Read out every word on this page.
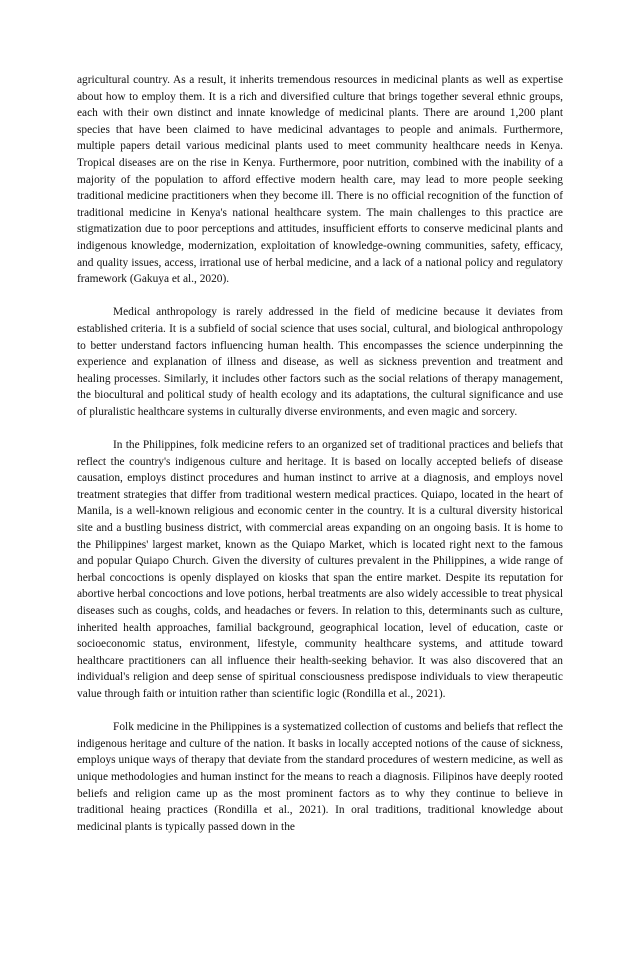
agricultural country. As a result, it inherits tremendous resources in medicinal plants as well as expertise about how to employ them. It is a rich and diversified culture that brings together several ethnic groups, each with their own distinct and innate knowledge of medicinal plants. There are around 1,200 plant species that have been claimed to have medicinal advantages to people and animals. Furthermore, multiple papers detail various medicinal plants used to meet community healthcare needs in Kenya. Tropical diseases are on the rise in Kenya. Furthermore, poor nutrition, combined with the inability of a majority of the population to afford effective modern health care, may lead to more people seeking traditional medicine practitioners when they become ill. There is no official recognition of the function of traditional medicine in Kenya's national healthcare system. The main challenges to this practice are stigmatization due to poor perceptions and attitudes, insufficient efforts to conserve medicinal plants and indigenous knowledge, modernization, exploitation of knowledge-owning communities, safety, efficacy, and quality issues, access, irrational use of herbal medicine, and a lack of a national policy and regulatory framework (Gakuya et al., 2020).

Medical anthropology is rarely addressed in the field of medicine because it deviates from established criteria. It is a subfield of social science that uses social, cultural, and biological anthropology to better understand factors influencing human health. This encompasses the science underpinning the experience and explanation of illness and disease, as well as sickness prevention and treatment and healing processes. Similarly, it includes other factors such as the social relations of therapy management, the biocultural and political study of health ecology and its adaptations, the cultural significance and use of pluralistic healthcare systems in culturally diverse environments, and even magic and sorcery.

In the Philippines, folk medicine refers to an organized set of traditional practices and beliefs that reflect the country's indigenous culture and heritage. It is based on locally accepted beliefs of disease causation, employs distinct procedures and human instinct to arrive at a diagnosis, and employs novel treatment strategies that differ from traditional western medical practices. Quiapo, located in the heart of Manila, is a well-known religious and economic center in the country. It is a cultural diversity historical site and a bustling business district, with commercial areas expanding on an ongoing basis. It is home to the Philippines' largest market, known as the Quiapo Market, which is located right next to the famous and popular Quiapo Church. Given the diversity of cultures prevalent in the Philippines, a wide range of herbal concoctions is openly displayed on kiosks that span the entire market. Despite its reputation for abortive herbal concoctions and love potions, herbal treatments are also widely accessible to treat physical diseases such as coughs, colds, and headaches or fevers. In relation to this, determinants such as culture, inherited health approaches, familial background, geographical location, level of education, caste or socioeconomic status, environment, lifestyle, community healthcare systems, and attitude toward healthcare practitioners can all influence their health-seeking behavior. It was also discovered that an individual's religion and deep sense of spiritual consciousness predispose individuals to view therapeutic value through faith or intuition rather than scientific logic (Rondilla et al., 2021).

Folk medicine in the Philippines is a systematized collection of customs and beliefs that reflect the indigenous heritage and culture of the nation. It basks in locally accepted notions of the cause of sickness, employs unique ways of therapy that deviate from the standard procedures of western medicine, as well as unique methodologies and human instinct for the means to reach a diagnosis. Filipinos have deeply rooted beliefs and religion came up as the most prominent factors as to why they continue to believe in traditional heaing practices (Rondilla et al., 2021). In oral traditions, traditional knowledge about medicinal plants is typically passed down in the
